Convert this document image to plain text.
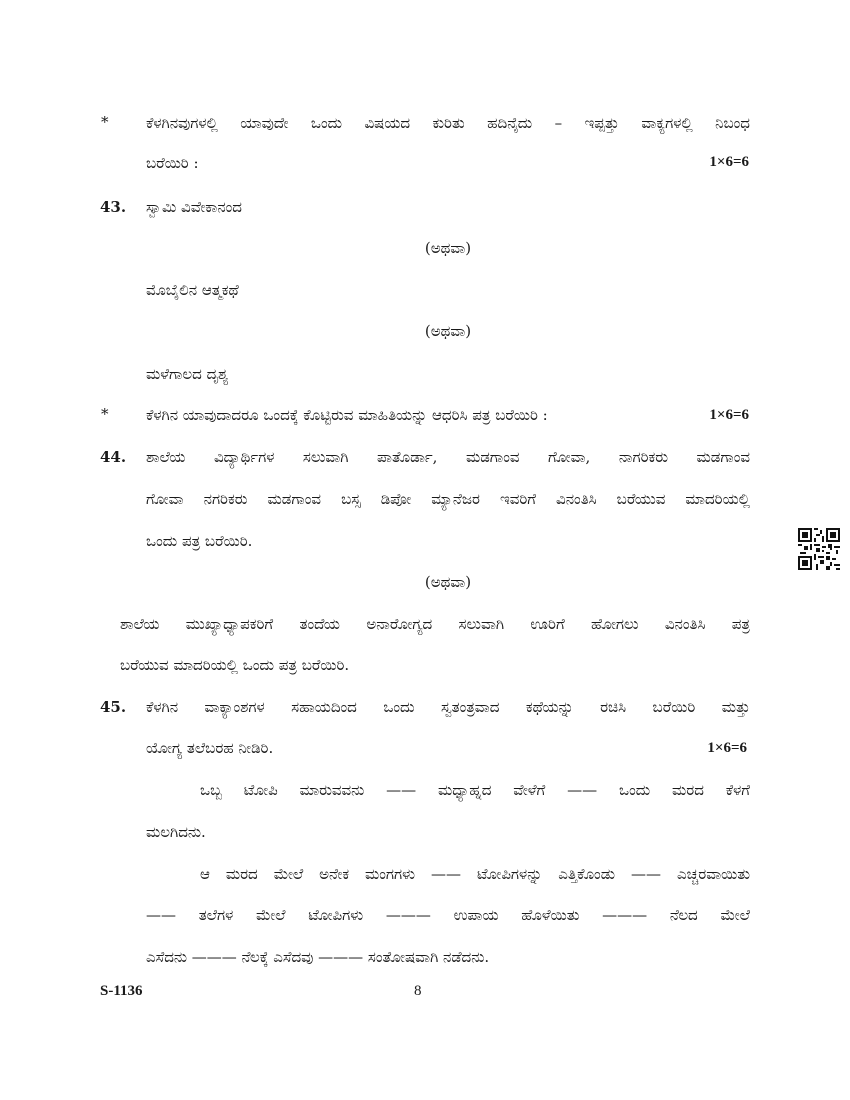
*	ಕೆಳಗಿನವುಗಳಲ್ಲಿ ಯಾವುದೇ ಒಂದು ವಿಷಯದ ಕುರಿತು ಹದಿನೈದು – ಇಪ್ಪತ್ತು ವಾಕ್ಯಗಳಲ್ಲಿ ನಿಬಂಧ
ಬರೆಯಿರಿ :	1×6=6
43. ಸ್ವಾಮಿ ವಿವೇಕಾನಂದ
(ಅಥವಾ)
ಮೊಬೈಲಿನ ಆತ್ಮಕಥೆ
(ಅಥವಾ)
ಮಳೆಗಾಲದ ದೃಶ್ಯ
*	ಕೆಳಗಿನ ಯಾವುದಾದರೂ ಒಂದಕ್ಕೆ ಕೊಟ್ಟಿರುವ ಮಾಹಿತಿಯನ್ನು ಆಧರಿಸಿ ಪತ್ರ ಬರೆಯಿರಿ :	1×6=6
44. ಶಾಲೆಯ ವಿದ್ಯಾರ್ಥಿಗಳ ಸಲುವಾಗಿ ಪಾತೊರ್ಡಾ, ಮಡಗಾಂವ ಗೋವಾ, ನಾಗರಿಕರು ಮಡಗಾಂವ
ಗೋವಾ ನಗರಿಕರು ಮಡಗಾಂವ ಬಸ್ಸ ಡಿಪೋ ಮ್ಯಾನೆಜರ ಇವರಿಗೆ ವಿನಂತಿಸಿ ಬರೆಯುವ ಮಾದರಿಯಲ್ಲಿ
ಒಂದು ಪತ್ರ ಬರೆಯಿರಿ.
(ಅಥವಾ)
ಶಾಲೆಯ ಮುಖ್ಯಾಧ್ಯಾಪಕರಿಗೆ ತಂದೆಯ ಅನಾರೋಗ್ಯದ ಸಲುವಾಗಿ ಊರಿಗೆ ಹೋಗಲು ವಿನಂತಿಸಿ ಪತ್ರ
ಬರೆಯುವ ಮಾದರಿಯಲ್ಲಿ ಒಂದು ಪತ್ರ ಬರೆಯಿರಿ.
45. ಕೆಳಗಿನ ವಾಕ್ಯಾಂಶಗಳ ಸಹಾಯದಿಂದ ಒಂದು ಸ್ವತಂತ್ರವಾದ ಕಥೆಯನ್ನು ರಚಿಸಿ ಬರೆಯಿರಿ ಮತ್ತು
ಯೋಗ್ಯ ತಲೆಬರಹ ನೀಡಿರಿ.	1×6=6
ಒಬ್ಬ ಟೋಪಿ ಮಾರುವವನು —— ಮಧ್ಯಾಹ್ನದ ವೇಳೆಗೆ —— ಒಂದು ಮರದ ಕೆಳಗೆ
ಮಲಗಿದನು.
ಆ ಮರದ ಮೇಲೆ ಅನೇಕ ಮಂಗಗಳು —— ಟೋಪಿಗಳನ್ನು ಎತ್ತಿಕೊಂಡು —— ಎಚ್ಚರವಾಯಿತು
—— ತಲೆಗಳ ಮೇಲೆ ಟೋಪಿಗಳು ——— ಉಪಾಯ ಹೊಳೆಯಿತು ——— ನೆಲದ ಮೇಲೆ
ಎಸೆದನು ——— ನೆಲಕ್ಕೆ ಎಸೆದವು ——— ಸಂತೋಷವಾಗಿ ನಡೆದನು.
S-1136	8
